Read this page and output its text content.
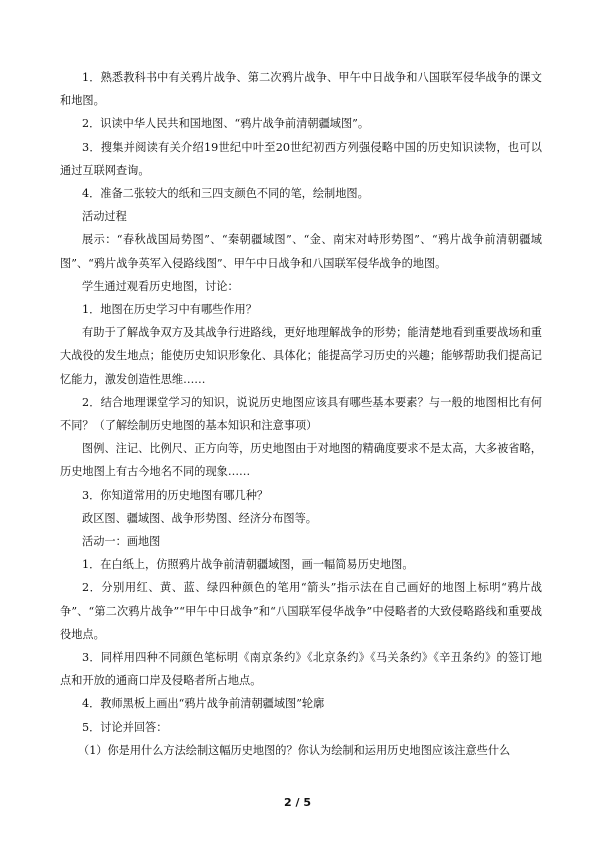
1．熟悉教科书中有关鸦片战争、第二次鸦片战争、甲午中日战争和八国联军侵华战争的课文和地图。

2．识读中华人民共和国地图、“鸦片战争前清朝疆域图”。

3．搜集并阅读有关介绍19世纪中叶至20世纪初西方列强侵略中国的历史知识读物，也可以通过互联网查询。

4．准备二张较大的纸和三四支颜色不同的笔，绘制地图。

活动过程

展示：“春秋战国局势图”、“秦朝疆域图”、“金、南宋对峙形势图”、“鸦片战争前清朝疆域图”、“鸦片战争英军入侵路线图”、甲午中日战争和八国联军侵华战争的地图。

学生通过观看历史地图，讨论：

1．地图在历史学习中有哪些作用？

有助于了解战争双方及其战争行进路线，更好地理解战争的形势；能清楚地看到重要战场和重大战役的发生地点；能使历史知识形象化、具体化；能提高学习历史的兴趣；能够帮助我们提高记忆能力，激发创造性思维……

2．结合地理课堂学习的知识，说说历史地图应该具有哪些基本要素？与一般的地图相比有何不同？（了解绘制历史地图的基本知识和注意事项）

图例、注记、比例尺、正方向等，历史地图由于对地图的精确度要求不是太高，大多被省略，历史地图上有古今地名不同的现象……

3．你知道常用的历史地图有哪几种？

政区图、疆域图、战争形势图、经济分布图等。

活动一：画地图

1．在白纸上，仿照鸦片战争前清朝疆域图，画一幅简易历史地图。

2．分别用红、黄、蓝、绿四种颜色的笔用“箭头”指示法在自己画好的地图上标明“鸦片战争”、“第二次鸦片战争”“甲午中日战争”和“八国联军侵华战争”中侵略者的大致侵略路线和重要战役地点。

3．同样用四种不同颜色笔标明《南京条约》《北京条约》《马关条约》《辛丑条约》的签订地点和开放的通商口岸及侵略者所占地点。

4．教师黑板上画出“鸦片战争前清朝疆域图”轮廓

5．讨论并回答：

（1）你是用什么方法绘制这幅历史地图的？你认为绘制和运用历史地图应该注意些什么

2 / 5
